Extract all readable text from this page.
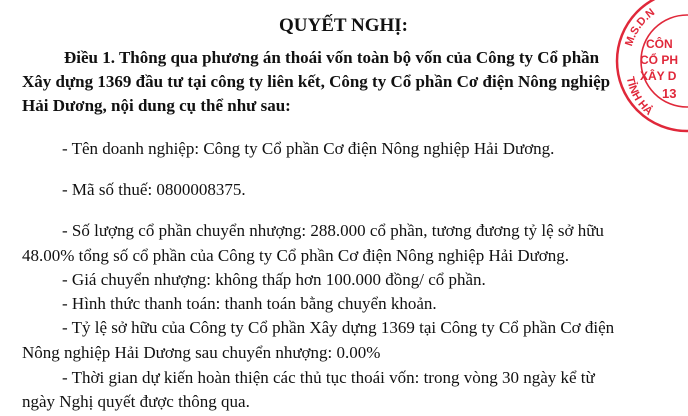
QUYẾT NGHỊ:
Điều 1. Thông qua phương án thoái vốn toàn bộ vốn của Công ty Cổ phần
Xây dựng 1369 đầu tư tại công ty liên kết, Công ty Cổ phần Cơ điện Nông nghiệp
Hải Dương, nội dung cụ thể như sau:
- Tên doanh nghiệp: Công ty Cổ phần Cơ điện Nông nghiệp Hải Dương.
- Mã số thuế: 0800008375.
- Số lượng cổ phần chuyển nhượng: 288.000 cổ phần, tương đương tỷ lệ sở hữu
48.00% tổng số cổ phần của Công ty Cổ phần Cơ điện Nông nghiệp Hải Dương.
- Giá chuyển nhượng: không thấp hơn 100.000 đồng/ cổ phần.
- Hình thức thanh toán: thanh toán bằng chuyển khoản.
- Tỷ lệ sở hữu của Công ty Cổ phần Xây dựng 1369 tại Công ty Cổ phần Cơ điện
Nông nghiệp Hải Dương sau chuyển nhượng: 0.00%
- Thời gian dự kiến hoàn thiện các thủ tục thoái vốn: trong vòng 30 ngày kể từ
ngày Nghị quyết được thông qua.
M.S.D.N
TỈNH HẢ
CÔN
CỔ PH
XÂY D
13
